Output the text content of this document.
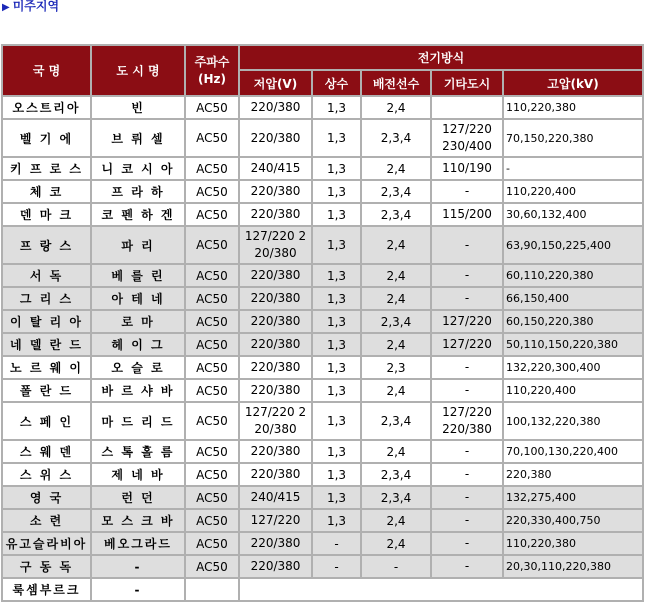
▶ 미주지역
국 명	도 시 명	주파수 (Hz)	전기방식				
			저압(V)	상수	배전선수	기타도시	고압(kV)
오스트리아	빈	AC50	220/380	1,3	2,4		110,220,380
벨 기 에	브 뤼 셀	AC50	220/380	1,3	2,3,4	127/220 230/400	70,150,220,380
키 프 로 스	니 코 시 아	AC50	240/415	1,3	2,4	110/190	-
체 코	프 라 하	AC50	220/380	1,3	2,3,4	-	110,220,400
덴 마 크	코 펜 하 겐	AC50	220/380	1,3	2,3,4	115/200	30,60,132,400
프 랑 스	파 리	AC50	127/220 2 20/380	1,3	2,4	-	63,90,150,225,400
서 독	베 를 린	AC50	220/380	1,3	2,4	-	60,110,220,380
그 리 스	아 테 네	AC50	220/380	1,3	2,4	-	66,150,400
이 탈 리 아	로 마	AC50	220/380	1,3	2,3,4	127/220	60,150,220,380
네 델 란 드	헤 이 그	AC50	220/380	1,3	2,4	127/220	50,110,150,220,380
노 르 웨 이	오 슬 로	AC50	220/380	1,3	2,3	-	132,220,300,400
폴 란 드	바 르 샤 바	AC50	220/380	1,3	2,4	-	110,220,400
스 페 인	마 드 리 드	AC50	127/220 2 20/380	1,3	2,3,4	127/220 220/380	100,132,220,380
스 웨 덴	스 톡 홀 름	AC50	220/380	1,3	2,4	-	70,100,130,220,400
스 위 스	제 네 바	AC50	220/380	1,3	2,3,4	-	220,380
영 국	런 던	AC50	240/415	1,3	2,3,4	-	132,275,400
소 련	모 스 크 바	AC50	127/220	1,3	2,4	-	220,330,400,750
유고슬라비아	베오그라드	AC50	220/380	-	2,4	-	110,220,380
구 동 독	-	AC50	220/380	-	-	-	20,30,110,220,380
룩셈부르크	-						
